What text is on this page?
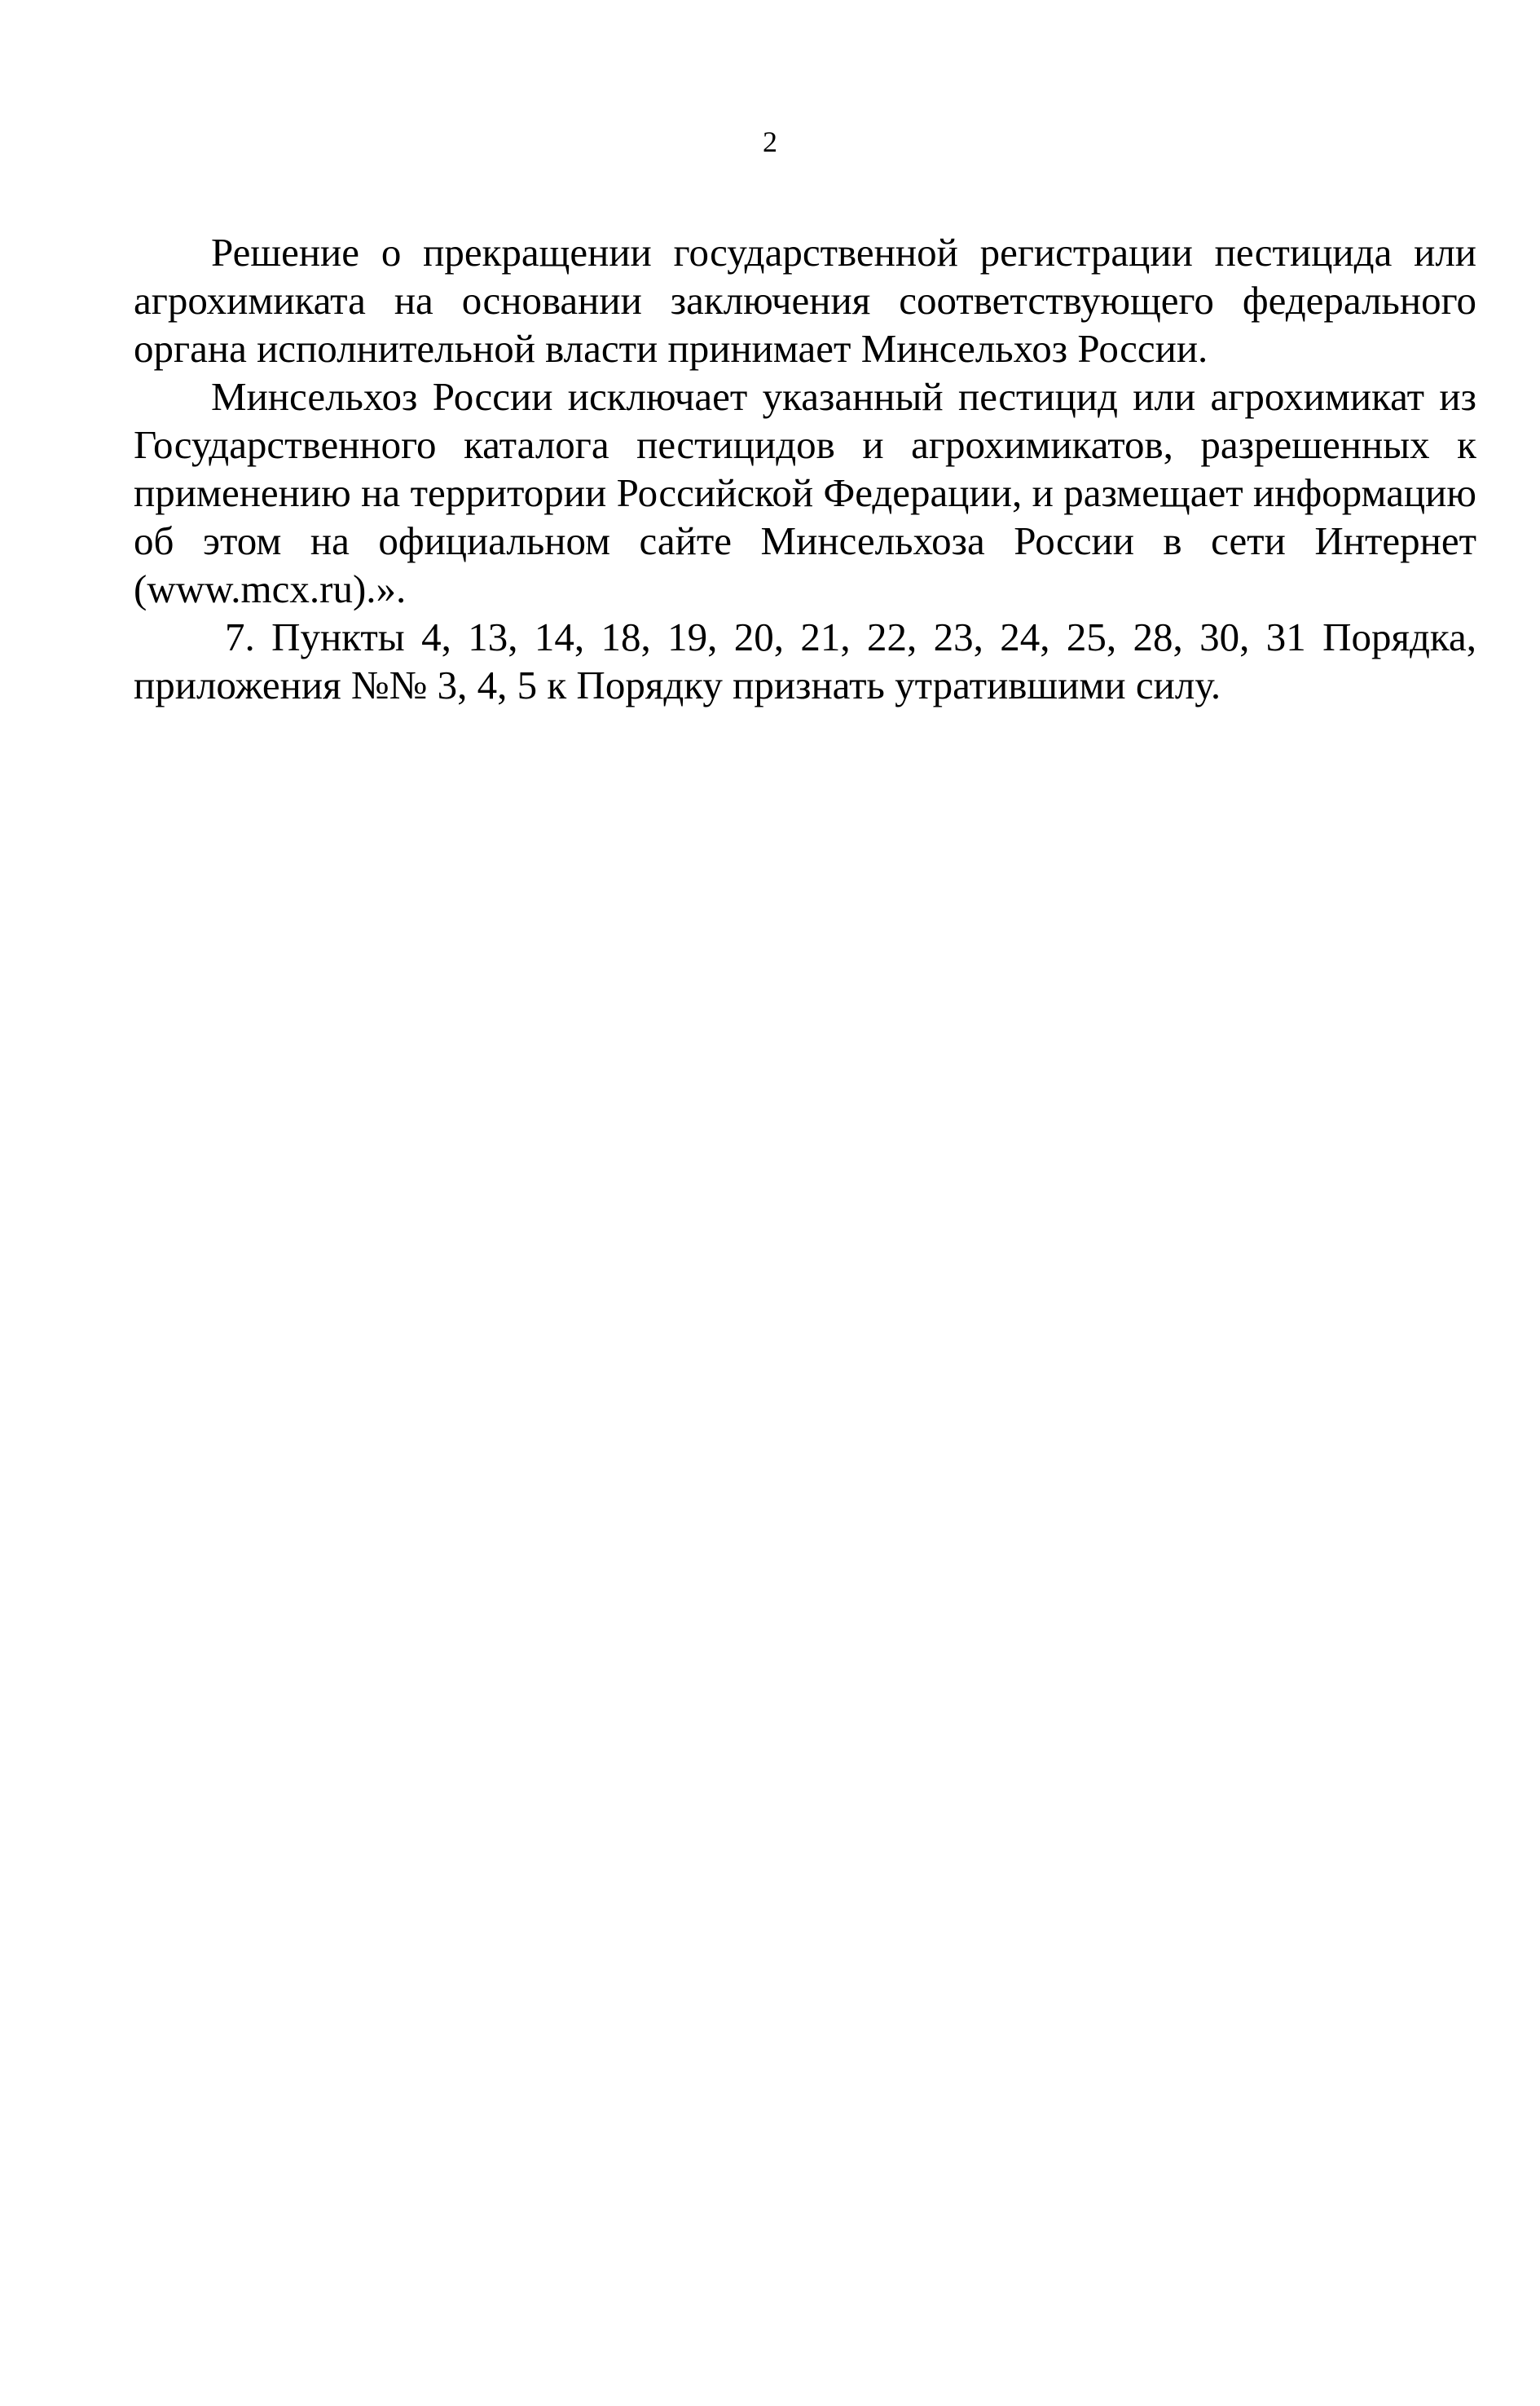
2

Решение о прекращении государственной регистрации пестицида или агрохимиката на основании заключения соответствующего федерального органа исполнительной власти принимает Минсельхоз России.

Минсельхоз России исключает указанный пестицид или агрохимикат из Государственного каталога пестицидов и агрохимикатов, разрешенных к применению на территории Российской Федерации, и размещает информацию об этом на официальном сайте Минсельхоза России в сети Интернет (www.mcx.ru).».

7. Пункты 4, 13, 14, 18, 19, 20, 21, 22, 23, 24, 25, 28, 30, 31 Порядка, приложения №№ 3, 4, 5 к Порядку признать утратившими силу.
